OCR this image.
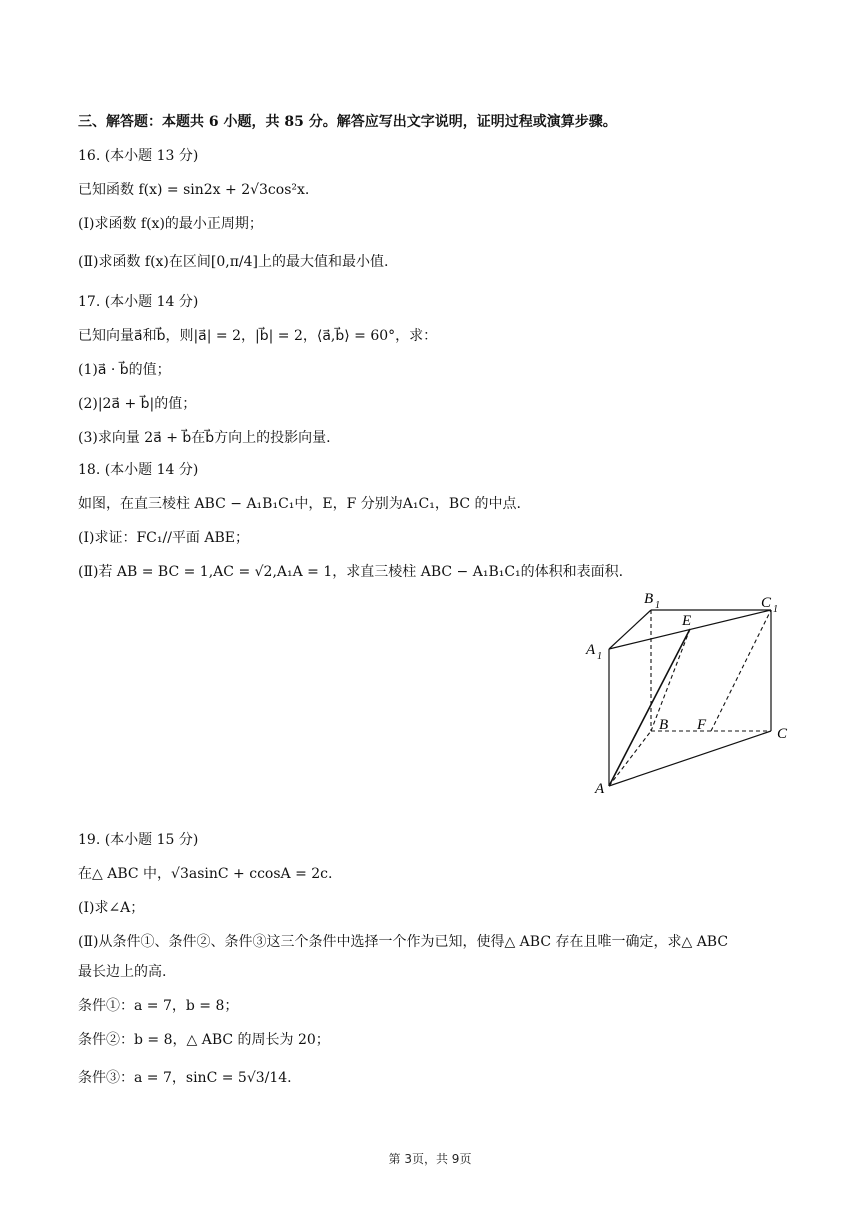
三、解答题：本题共 6 小题，共 85 分。解答应写出文字说明，证明过程或演算步骤。
16. (本小题 13 分)
已知函数 f(x) = sin2x + 2√3cos²x.
(Ⅰ)求函数 f(x)的最小正周期；
(Ⅱ)求函数 f(x)在区间[0,π/4]上的最大值和最小值.
17. (本小题 14 分)
已知向量a⃗和b⃗，则|a⃗| = 2，|b⃗| = 2，⟨a⃗,b⃗⟩ = 60°，求：
(1)a⃗ · b⃗的值；
(2)|2a⃗ + b⃗|的值；
(3)求向量 2a⃗ + b⃗在b⃗方向上的投影向量.
18. (本小题 14 分)
如图，在直三棱柱 ABC − A₁B₁C₁中，E，F 分别为A₁C₁，BC 的中点.
(Ⅰ)求证：FC₁//平面 ABE；
(Ⅱ)若 AB = BC = 1,AC = √2,A₁A = 1，求直三棱柱 ABC − A₁B₁C₁的体积和表面积.
A 1
B 1	C 1
E
B F
C
A
19. (本小题 15 分)
在△ ABC 中，√3asinC + ccosA = 2c.
(Ⅰ)求∠A；
(Ⅱ)从条件①、条件②、条件③这三个条件中选择一个作为已知，使得△ ABC 存在且唯一确定，求△ ABC
最长边上的高.
条件①：a = 7，b = 8；
条件②：b = 8，△ ABC 的周长为 20；
条件③：a = 7，sinC = 5√3/14.
第 3页，共 9页
